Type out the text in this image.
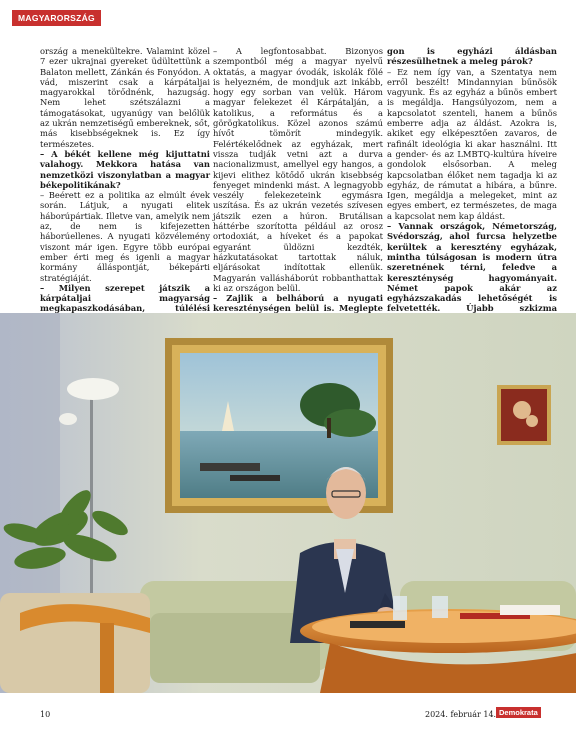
MAGYARORSZÁG

ország a menekültekre. Valamint közel 7 ezer ukrajnai gyereket üdültettünk a Balaton mellett, Zánkán és Fonyódon. A vád, miszerint csak a kárpátaljai magyarokkal törődnénk, hazugság. Nem lehet szétszálazni a támogatásokat, ugyanúgy van belőlük az ukrán nemzetiségű embereknek, sőt, más kisebbségeknek is. Ez így természetes.

– A békét kellene még kijuttatni valahogy. Mekkora hatása van nemzetközi viszonylatban a magyar békepolitikának?

– Beérett ez a politika az elmúlt évek során. Látjuk, a nyugati elitek háborúpártiak. Illetve van, amelyik nem az, de nem is kifejezetten háborúellenes. A nyugati közvélemény viszont már igen. Egyre több európai ember érti meg és igenli a magyar kormány álláspontját, békepárti stratégiáját.

– Milyen szerepet játszik a kárpátaljai magyarság megkapaszkodásában, túlélési

– A legfontosabbat. Bizonyos szempontból még a magyar nyelvű oktatás, a magyar óvodák, iskolák fölé is helyezném, de mondjuk azt inkább, hogy egy sorban van velük. Három magyar felekezet él Kárpátalján, a katolikus, a református és a görögkatolikus. Közel azonos számú hívőt tömörít mindegyik. Felértékelődnek az egyházak, mert vissza tudják vetni azt a durva nacionalizmust, amellyel egy hangos, a kijevi elithez kötődő ukrán kisebbség fenyeget mindenki mást. A legnagyobb veszély felekezeteink egymásra uszítása. És az ukrán vezetés szívesen játszik ezen a húron. Brutálisan háttérbe szorította például az orosz ortodoxiát, a híveket és a papokat egyaránt üldözni kezdték, házkutatásokat tartottak náluk, eljárásokat indítottak ellenük. Magyarán vallásháborút robbanthattak ki az országon belül.

– Zajlik a belháború a nyugati kereszténységen belül is. Meglepte

gon is egyházi áldásban részesülhetnek a meleg párok?

– Ez nem így van, a Szentatya nem erről beszélt! Mindannyian bűnösök vagyunk. És az egyház a bűnös embert is megáldja. Hangsúlyozom, nem a kapcsolatot szenteli, hanem a bűnös emberre adja az áldást. Azokra is, akiket egy elképesztően zavaros, de rafinált ideológia ki akar használni. Itt a gender- és az LMBTQ-kultúra híveire gondolok elsősorban. A meleg kapcsolatban élőket nem tagadja ki az egyház, de rámutat a hibára, a bűnre. Igen, megáldja a melegeket, mint az egyes embert, ez természetes, de maga a kapcsolat nem kap áldást.

– Vannak országok, Németország, Svédország, ahol furcsa helyzetbe kerültek a keresztény egyházak, mintha túlságosan is modern útra szeretnének térni, feledve a kereszténység hagyományait. Német papok akár az egyházszakadás lehetőségét is felvetették. Újabb szkizma

10	2024. február 14. Demokrata
